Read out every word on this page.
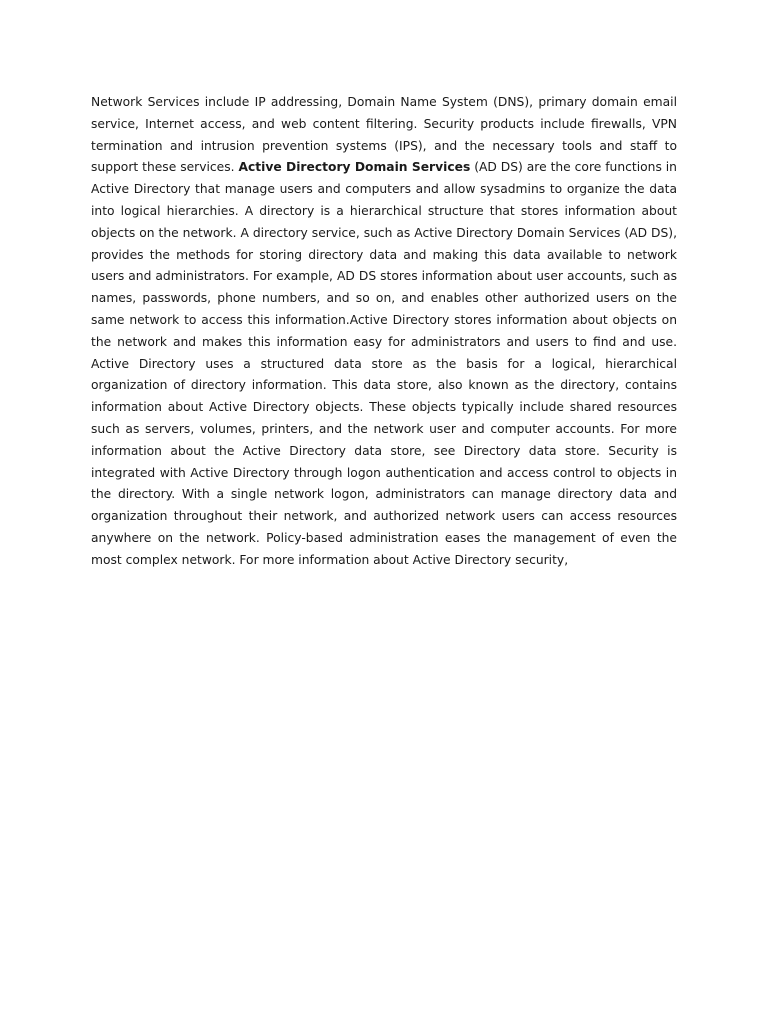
Network Services include IP addressing, Domain Name System (DNS), primary domain email service, Internet access, and web content filtering. Security products include firewalls, VPN termination and intrusion prevention systems (IPS), and the necessary tools and staff to support these services. Active Directory Domain Services (AD DS) are the core functions in Active Directory that manage users and computers and allow sysadmins to organize the data into logical hierarchies. A directory is a hierarchical structure that stores information about objects on the network. A directory service, such as Active Directory Domain Services (AD DS), provides the methods for storing directory data and making this data available to network users and administrators. For example, AD DS stores information about user accounts, such as names, passwords, phone numbers, and so on, and enables other authorized users on the same network to access this information.Active Directory stores information about objects on the network and makes this information easy for administrators and users to find and use. Active Directory uses a structured data store as the basis for a logical, hierarchical organization of directory information. This data store, also known as the directory, contains information about Active Directory objects. These objects typically include shared resources such as servers, volumes, printers, and the network user and computer accounts. For more information about the Active Directory data store, see Directory data store. Security is integrated with Active Directory through logon authentication and access control to objects in the directory. With a single network logon, administrators can manage directory data and organization throughout their network, and authorized network users can access resources anywhere on the network. Policy-based administration eases the management of even the most complex network. For more information about Active Directory security,
